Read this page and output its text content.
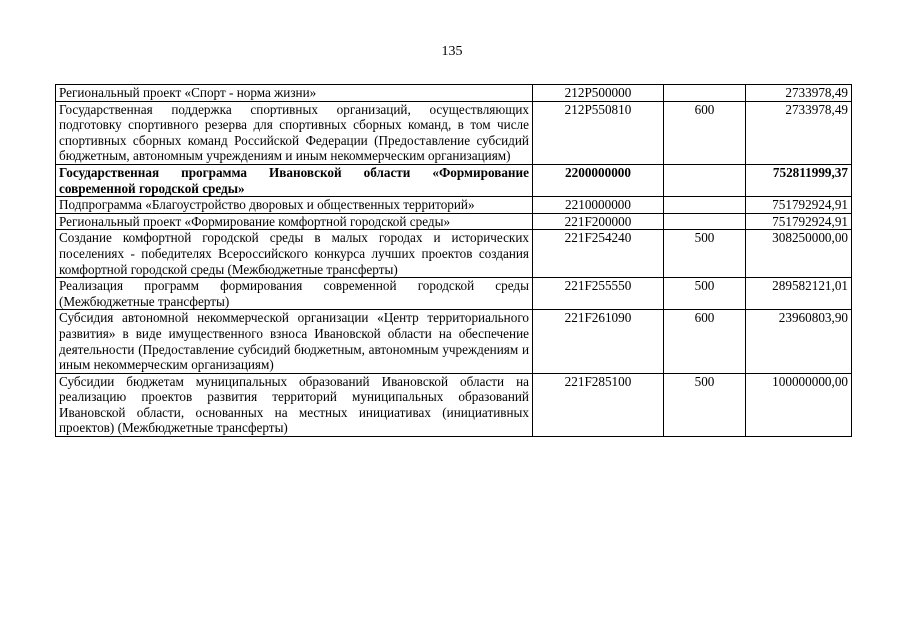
135
Региональный проект «Спорт - норма жизни»	212P500000		2733978,49
Государственная поддержка спортивных организаций, осуществляющих подготовку спортивного резерва для спортивных сборных команд, в том числе спортивных сборных команд Российской Федерации (Предоставление субсидий бюджетным, автономным учреждениям и иным некоммерческим организациям)	212P550810	600	2733978,49
Государственная программа Ивановской области «Формирование современной городской среды»	2200000000		752811999,37
Подпрограмма «Благоустройство дворовых и общественных территорий»	2210000000		751792924,91
Региональный проект «Формирование комфортной городской среды»	221F200000		751792924,91
Создание комфортной городской среды в малых городах и исторических поселениях - победителях Всероссийского конкурса лучших проектов создания комфортной городской среды (Межбюджетные трансферты)	221F254240	500	308250000,00
Реализация программ формирования современной городской среды (Межбюджетные трансферты)	221F255550	500	289582121,01
Субсидия автономной некоммерческой организации «Центр территориального развития» в виде имущественного взноса Ивановской области на обеспечение деятельности (Предоставление субсидий бюджетным, автономным учреждениям и иным некоммерческим организациям)	221F261090	600	23960803,90
Субсидии бюджетам муниципальных образований Ивановской области на реализацию проектов развития территорий муниципальных образований Ивановской области, основанных на местных инициативах (инициативных проектов) (Межбюджетные трансферты)	221F285100	500	100000000,00
